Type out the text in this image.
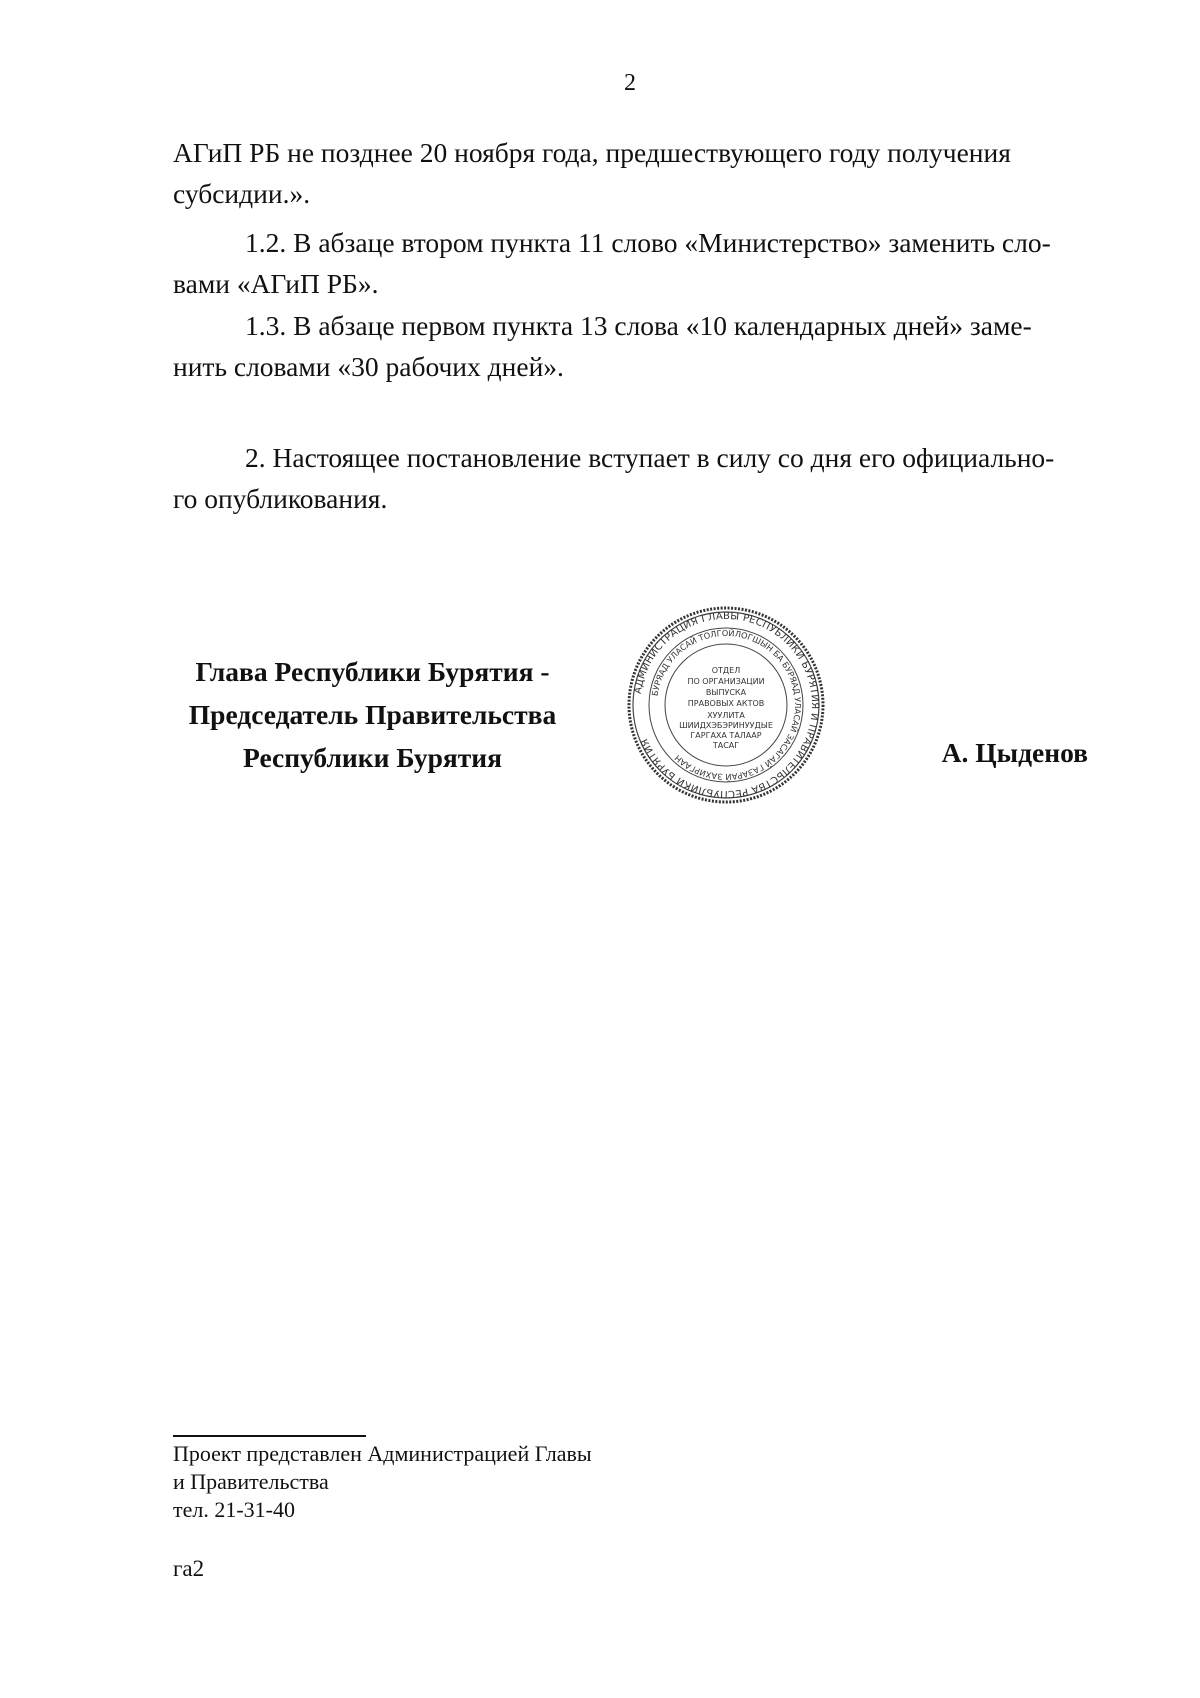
2

АГиП РБ не позднее 20 ноября года, предшествующего году получения

субсидии.».

1.2. В абзаце втором пункта 11 слово «Министерство» заменить сло-

вами «АГиП РБ».

1.3. В абзаце первом пункта 13 слова «10 календарных дней» заме-

нить словами «30 рабочих дней».

2. Настоящее постановление вступает в силу со дня его официально-

го опубликования.

Глава Республики Бурятия -
Председатель Правительства
Республики Бурятия	А. Цыденов
АДМИНИСТРАЦИЯ ГЛАВЫ РЕСПУБЛИКИ БУРЯТИЯ И ПРАВИТЕЛЬСТВА РЕСПУБЛИКИ БУРЯТИЯ
БУРЯАД УЛАСАЙ ТОЛГОЙЛОГШЫН БА БУРЯАД УЛАСАЙ ЗАСАГАЙ ГАЗАРАЙ ЗАХИРГААН
ОТДЕЛ
ПО ОРГАНИЗАЦИИ
ВЫПУСКА
ПРАВОВЫХ АКТОВ
ХУУЛИТА
ШИИДХЭБЭРИНУУДЫЕ
ГАРГАХА ТАЛААР
ТАСАГ
Проект представлен Администрацией Главы
и Правительства
тел. 21-31-40
га2
